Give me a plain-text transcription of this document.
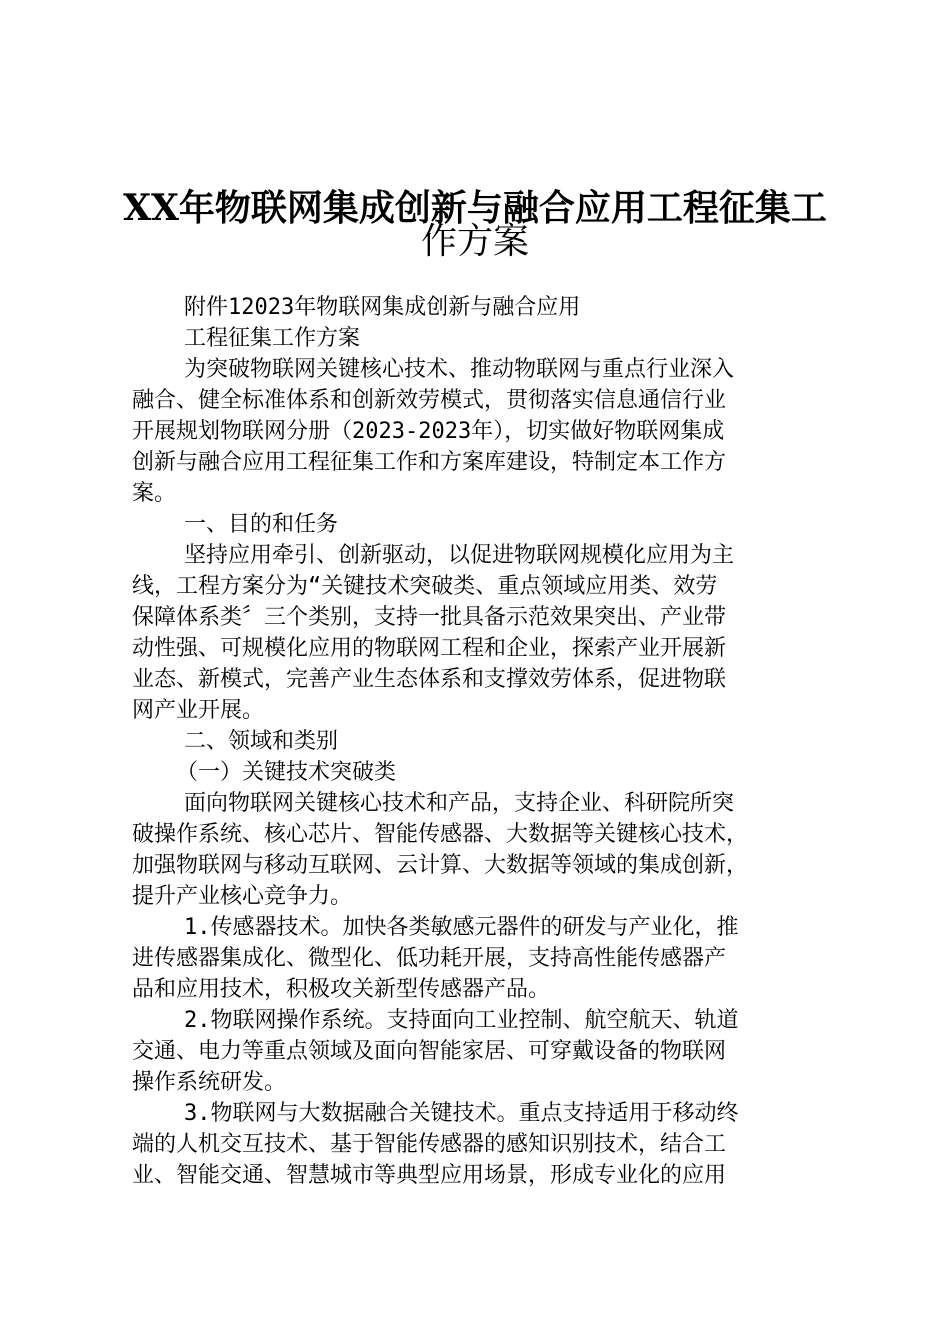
XX年物联网集成创新与融合应用工程征集工
作方案
附件12023年物联网集成创新与融合应用
工程征集工作方案
为突破物联网关键核心技术、推动物联网与重点行业深入
融合、健全标准体系和创新效劳模式，贯彻落实信息通信行业
开展规划物联网分册（2023-2023年），切实做好物联网集成
创新与融合应用工程征集工作和方案库建设，特制定本工作方
案。
一、目的和任务
坚持应用牵引、创新驱动，以促进物联网规模化应用为主
线，工程方案分为“关键技术突破类、重点领域应用类、效劳
保障体系类〞三个类别，支持一批具备示范效果突出、产业带
动性强、可规模化应用的物联网工程和企业，探索产业开展新
业态、新模式，完善产业生态体系和支撑效劳体系，促进物联
网产业开展。
二、领域和类别
（一）关键技术突破类
面向物联网关键核心技术和产品，支持企业、科研院所突
破操作系统、核心芯片、智能传感器、大数据等关键核心技术，
加强物联网与移动互联网、云计算、大数据等领域的集成创新，
提升产业核心竞争力。
1.传感器技术。加快各类敏感元器件的研发与产业化，推
进传感器集成化、微型化、低功耗开展，支持高性能传感器产
品和应用技术，积极攻关新型传感器产品。
2.物联网操作系统。支持面向工业控制、航空航天、轨道
交通、电力等重点领域及面向智能家居、可穿戴设备的物联网
操作系统研发。
3.物联网与大数据融合关键技术。重点支持适用于移动终
端的人机交互技术、基于智能传感器的感知识别技术，结合工
业、智能交通、智慧城市等典型应用场景，形成专业化的应用
